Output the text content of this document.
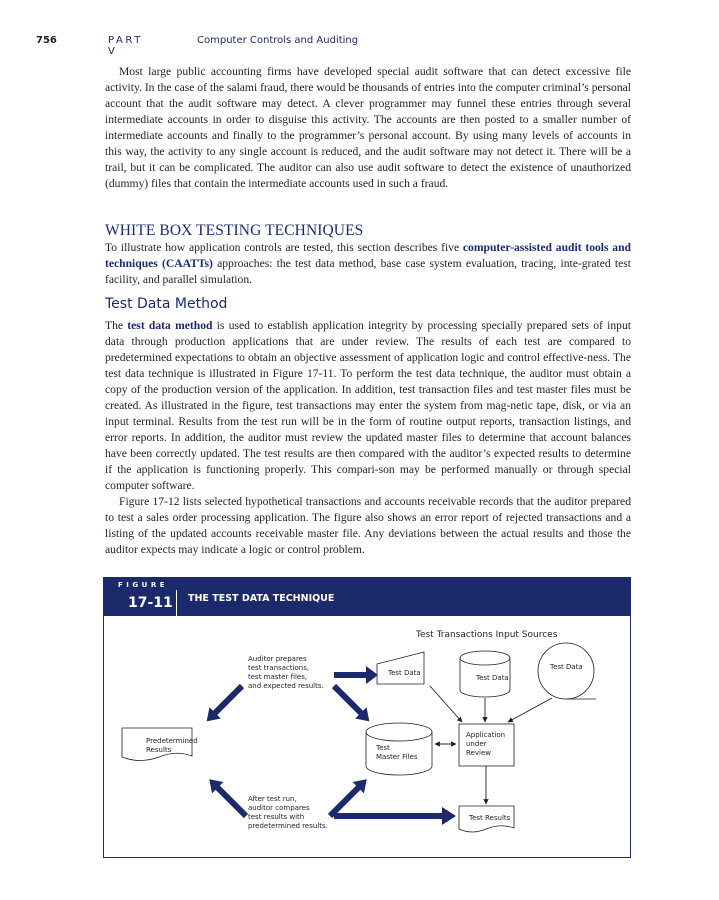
756	PART V
Computer Controls and Auditing

Most large public accounting firms have developed special audit software that can detect excessive file activity. In the case of the salami fraud, there would be thousands of entries into the computer criminal’s personal account that the audit software may detect. A clever programmer may funnel these entries through several intermediate accounts in order to disguise this activity. The accounts are then posted to a smaller number of intermediate accounts and finally to the programmer’s personal account. By using many levels of accounts in this way, the activity to any single account is reduced, and the audit software may not detect it. There will be a trail, but it can be complicated. The auditor can also use audit software to detect the existence of unauthorized (dummy) files that contain the intermediate accounts used in such a fraud.

WHITE BOX TESTING TECHNIQUES

To illustrate how application controls are tested, this section describes five computer-assisted audit tools and techniques (CAATTs) approaches: the test data method, base case system evaluation, tracing, inte-grated test facility, and parallel simulation.

Test Data Method

The test data method is used to establish application integrity by processing specially prepared sets of input data through production applications that are under review. The results of each test are compared to predetermined expectations to obtain an objective assessment of application logic and control effective-ness. The test data technique is illustrated in Figure 17-11. To perform the test data technique, the auditor must obtain a copy of the production version of the application. In addition, test transaction files and test master files must be created. As illustrated in the figure, test transactions may enter the system from mag-netic tape, disk, or via an input terminal. Results from the test run will be in the form of routine output reports, transaction listings, and error reports. In addition, the auditor must review the updated master files to determine that account balances have been correctly updated. The test results are then compared with the auditor’s expected results to determine if the application is functioning properly. This compari-son may be performed manually or through special computer software.

Figure 17-12 lists selected hypothetical transactions and accounts receivable records that the auditor prepared to test a sales order processing application. The figure also shows an error report of rejected transactions and a listing of the updated accounts receivable master file. Any deviations between the actual results and those the auditor expects may indicate a logic or control problem.

FIGURE
17-11 THE TEST DATA TECHNIQUE
Test Transactions Input Sources
Auditor prepares test transactions, test master files, and expected results.
Test Data
Test Data
Test Data
Application under Review
Test Master Files
Test Results
Predetermined Results
After test run, auditor compares test results with predetermined results.
